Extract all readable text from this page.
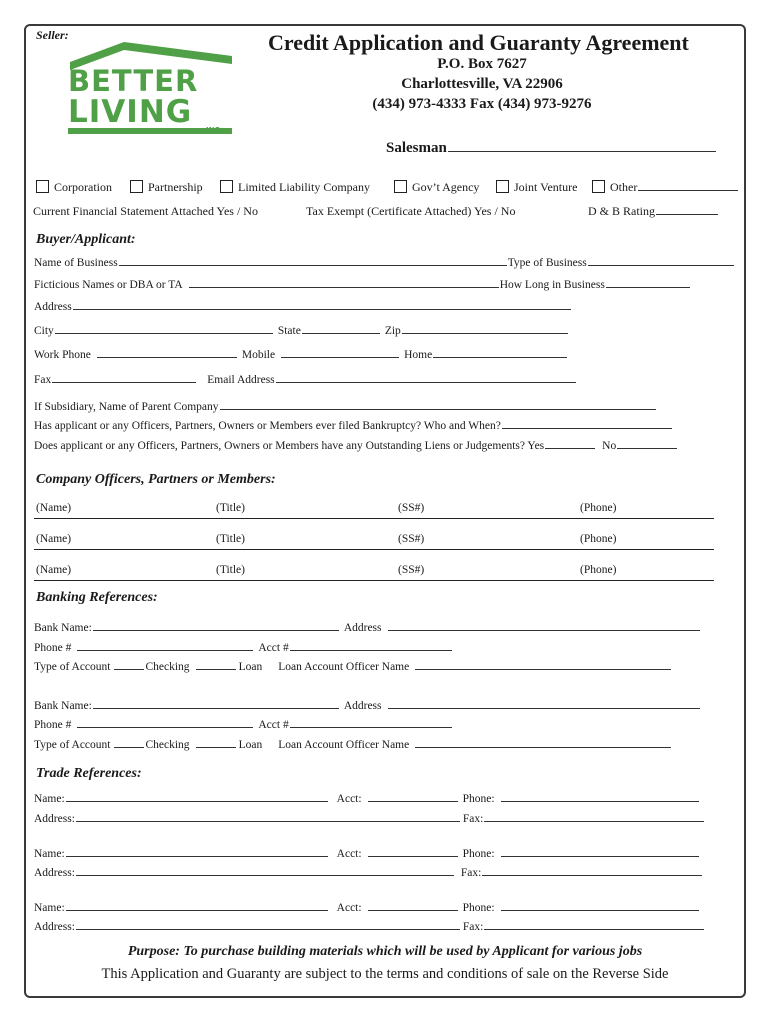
Seller:
BETTER
LIVING INC.
Credit Application and Guaranty Agreement
P.O. Box 7627
Charlottesville, VA 22906
(434) 973-4333 Fax (434) 973-9276
Salesman
Corporation	Partnership	Limited Liability Company	Gov’t Agency	Joint Venture	Other
Current Financial Statement Attached Yes / No	Tax Exempt (Certificate Attached) Yes / No	D & B Rating
Buyer/Applicant:
Name of Business	Type of Business
Ficticious Names or DBA or TA	How Long in Business
Address
City	State	Zip
Work Phone	Mobile	Home
Fax	Email Address
If Subsidiary, Name of Parent Company
Has applicant or any Officers, Partners, Owners or Members ever filed Bankruptcy? Who and When?
Does applicant or any Officers, Partners, Owners or Members have any Outstanding Liens or Judgements? Yes	No
Company Officers, Partners or Members:
(Name)	(Title)	(SS#)	(Phone)
(Name)	(Title)	(SS#)	(Phone)
(Name)	(Title)	(SS#)	(Phone)
Banking References:
Bank Name:	Address
Phone #	Acct #
Type of Account	Checking	Loan Loan Account Officer Name
Bank Name:	Address
Phone #	Acct #
Type of Account	Checking	Loan Loan Account Officer Name
Trade References:
Name:	Acct:	Phone:
Address:	Fax:
Name:	Acct:	Phone:
Address:	Fax:
Name:	Acct:	Phone:
Address:	Fax:
Purpose: To purchase building materials which will be used by Applicant for various jobs
This Application and Guaranty are subject to the terms and conditions of sale on the Reverse Side
